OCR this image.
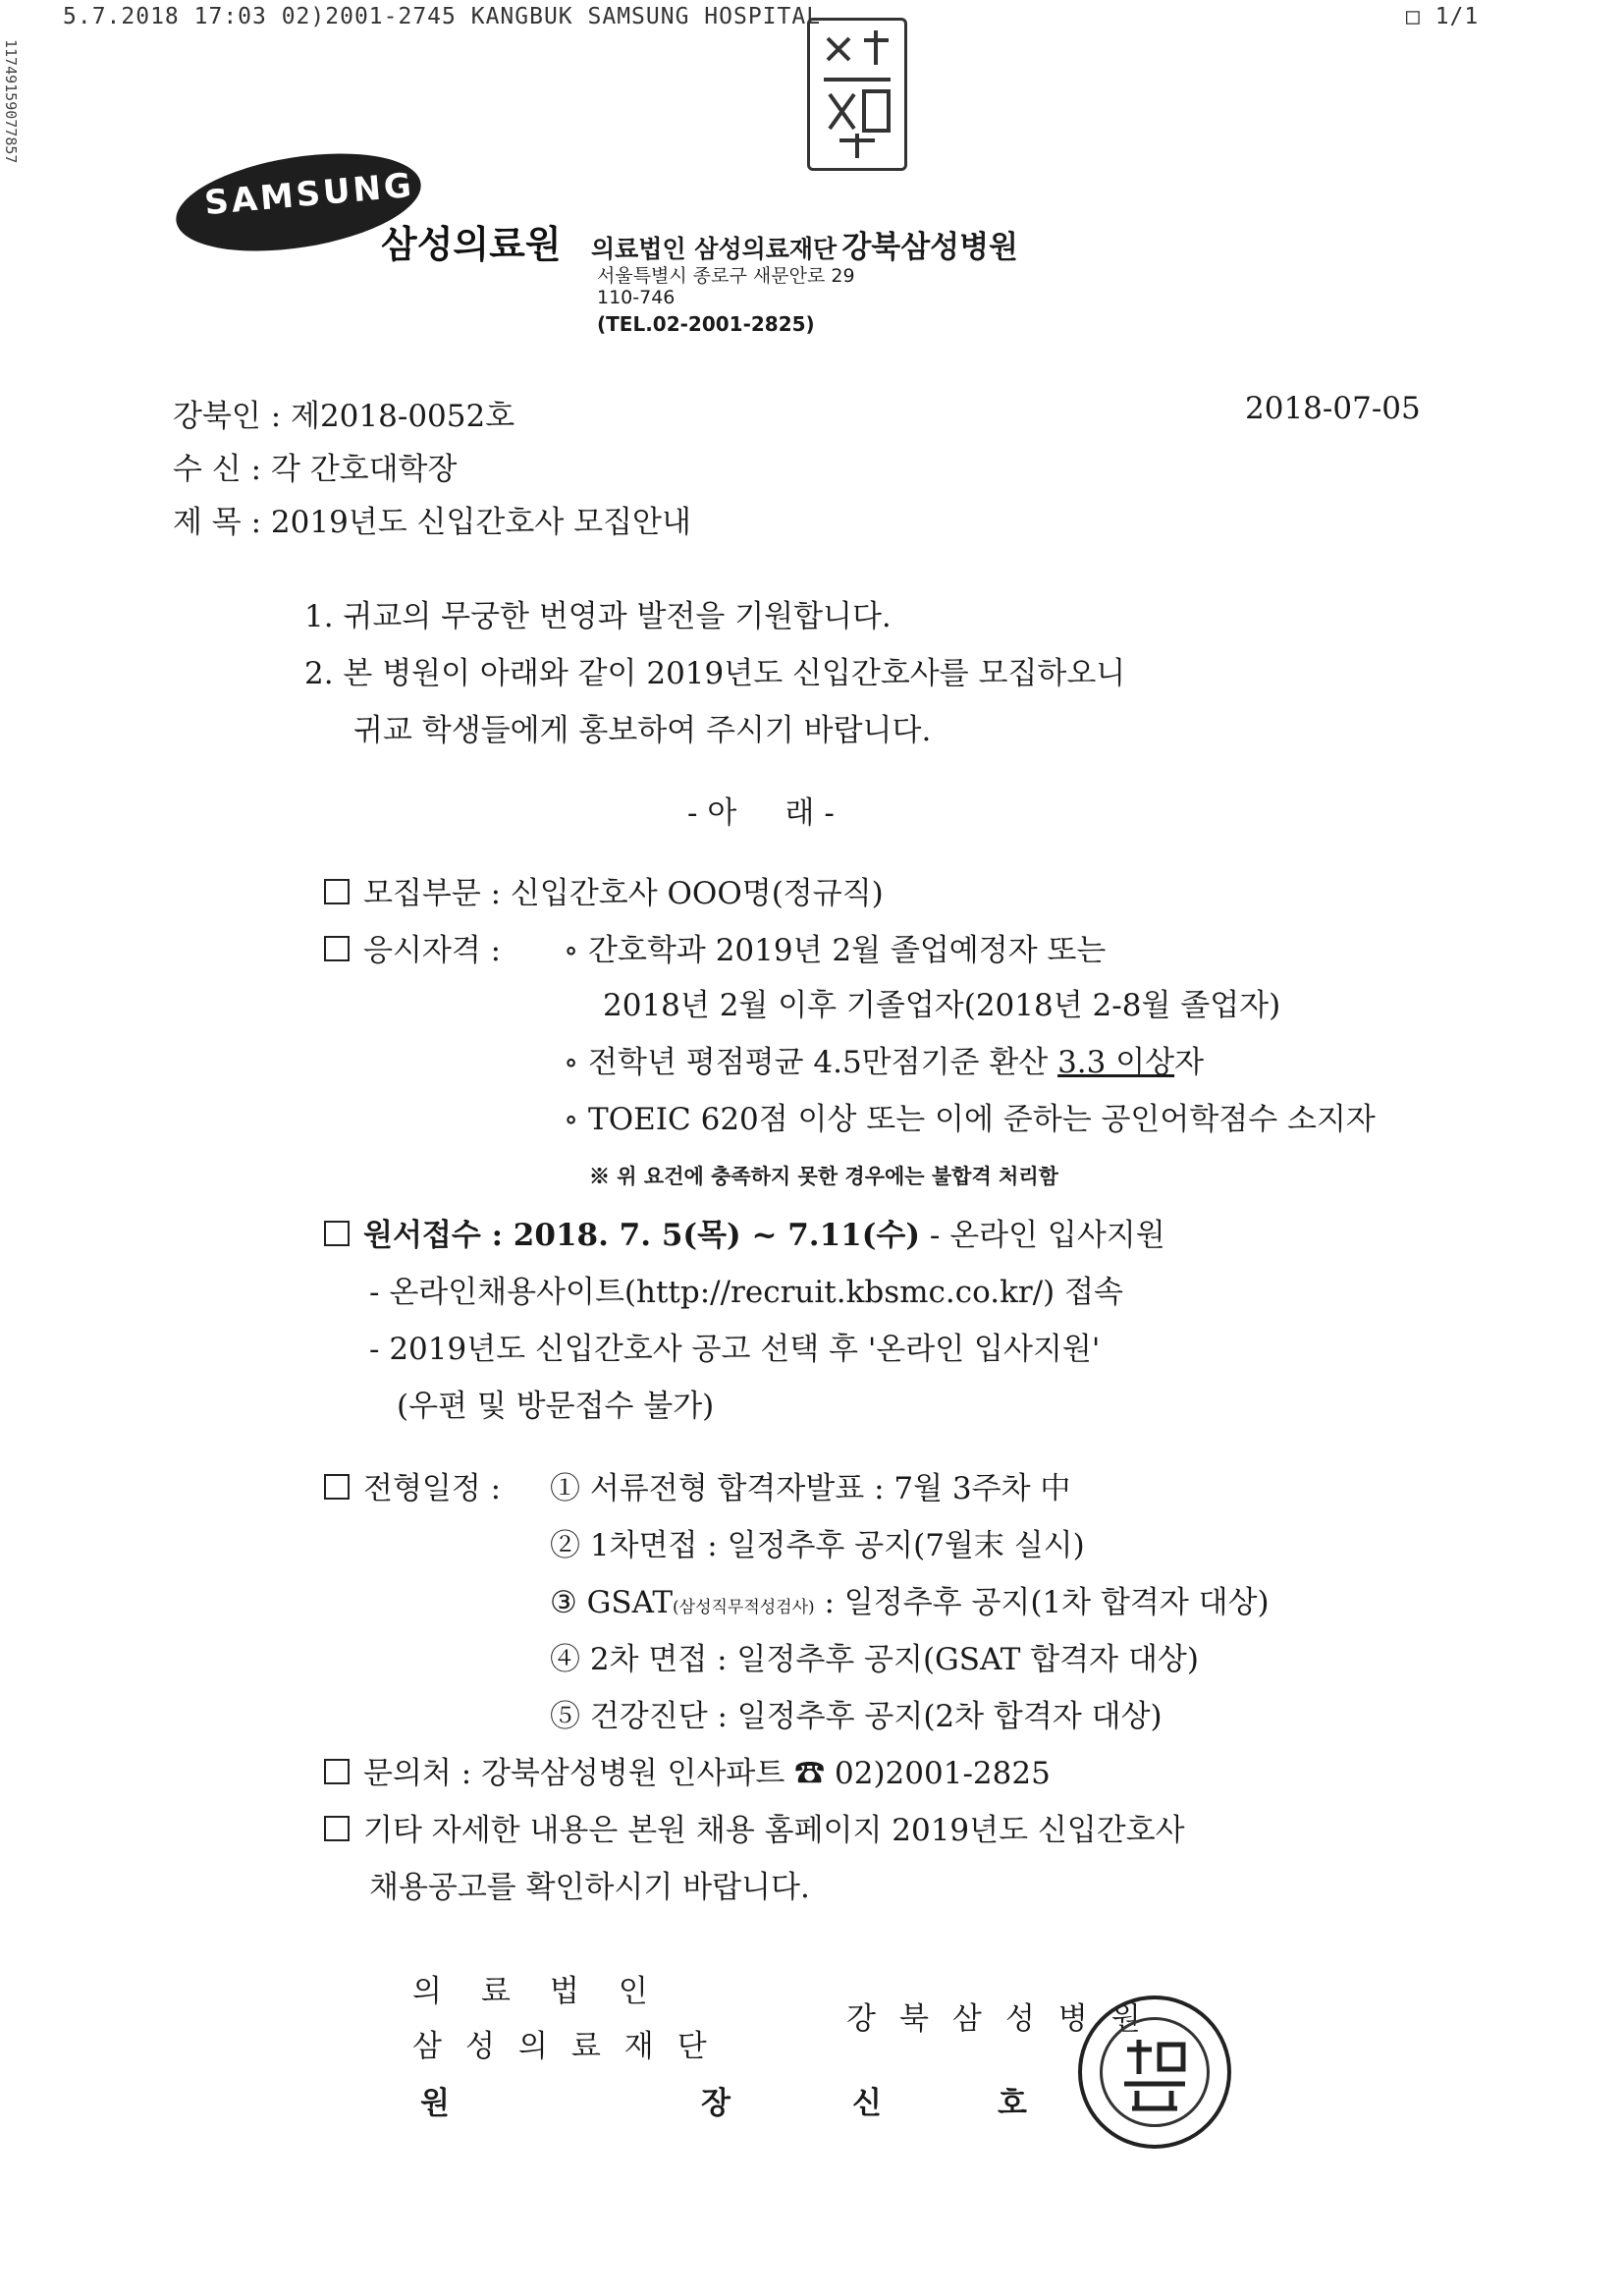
5.7.2018 17:03 02)2001-2745 KANGBUK SAMSUNG HOSPITAL	□ 1/1
11749159077857
SAMSUNG
삼성의료원 의료법인 삼성의료재단 강북삼성병원
서울특별시 종로구 새문안로 29
110-746
(TEL.02-2001-2825)
강북인 : 제2018-0052호	2018-07-05
수 신 : 각 간호대학장
제 목 : 2019년도 신입간호사 모집안내
1. 귀교의 무궁한 번영과 발전을 기원합니다.
2. 본 병원이 아래와 같이 2019년도 신입간호사를 모집하오니
귀교 학생들에게 홍보하여 주시기 바랍니다.
- 아     래 -
모집부문 : 신입간호사 OOO명(정규직)
응시자격 : ∘ 간호학과 2019년 2월 졸업예정자 또는
2018년 2월 이후 기졸업자(2018년 2-8월 졸업자)
∘ 전학년 평점평균 4.5만점기준 환산 3.3 이상자
∘ TOEIC 620점 이상 또는 이에 준하는 공인어학점수 소지자
※ 위 요건에 충족하지 못한 경우에는 불합격 처리함
원서접수 : 2018. 7. 5(목) ~ 7.11(수) - 온라인 입사지원
- 온라인채용사이트(http://recruit.kbsmc.co.kr/) 접속
- 2019년도 신입간호사 공고 선택 후 '온라인 입사지원'
(우편 및 방문접수 불가)
전형일정 : ① 서류전형 합격자발표 : 7월 3주차 中
② 1차면접 : 일정추후 공지(7월末 실시)
③ GSAT(삼성직무적성검사) : 일정추후 공지(1차 합격자 대상)
④ 2차 면접 : 일정추후 공지(GSAT 합격자 대상)
⑤ 건강진단 : 일정추후 공지(2차 합격자 대상)
문의처 : 강북삼성병원 인사파트 ☎ 02)2001-2825
기타 자세한 내용은 본원 채용 홈페이지 2019년도 신입간호사
채용공고를 확인하시기 바랍니다.
의료법인
삼성의료재단
원	장
강북삼성병원
신	호
